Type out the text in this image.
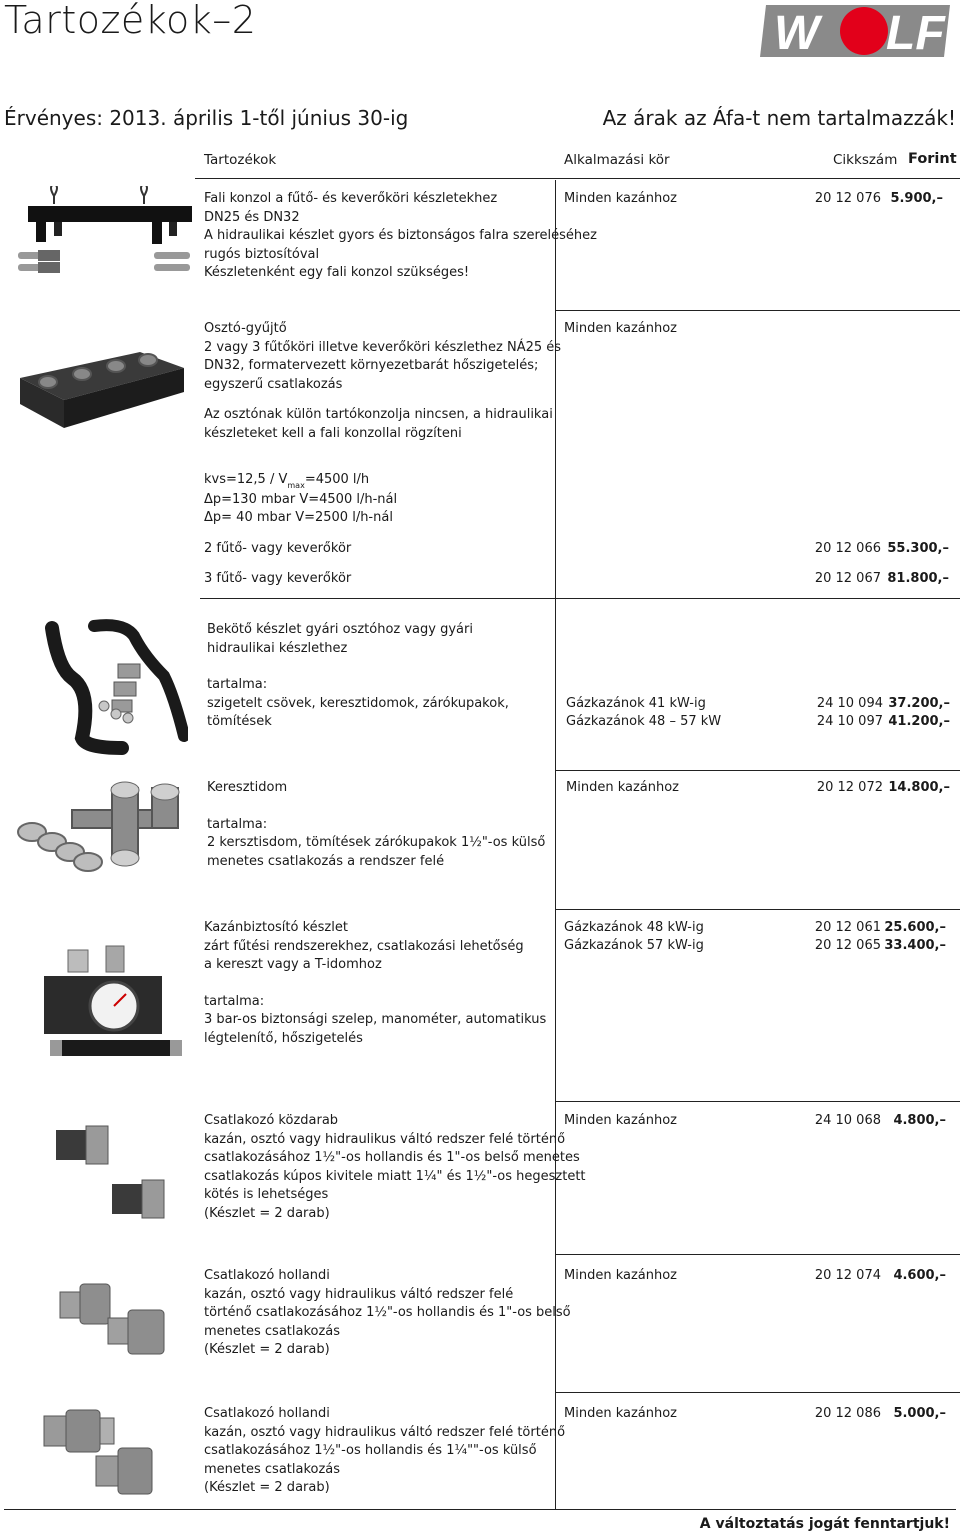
Tartozékok–2	W LF
Érvényes: 2013. április 1-től június 30-ig	Az árak az Áfa-t nem tartalmazzák!
Tartozékok	Alkalmazási kör	Cikkszám Forint
Fali konzol a fűtő- és keverőköri készletekhez
DN25 és DN32
A hidraulikai készlet gyors és biztonságos falra szereléséhez
rugós biztosítóval
Készletenként egy fali konzol szükséges!
Minden kazánhoz	20 12 076 5.900,–
Osztó-gyűjtő
2 vagy 3 fűtőköri illetve keverőköri készlethez NÁ25 és
DN32, formatervezett környezetbarát hőszigetelés;
egyszerű csatlakozás
Az osztónak külön tartókonzolja nincsen, a hidraulikai
készleteket kell a fali konzollal rögzíteni
$kvs=12,5 / V_{max}=4500$ l/h
Δp=130 mbar V=4500 l/h-nál
Δp= 40 mbar V=2500 l/h-nál
Minden kazánhoz
2 fűtő- vagy keverőkör	20 12 066 55.300,–
3 fűtő- vagy keverőkör	20 12 067 81.800,–
Bekötő készlet gyári osztóhoz vagy gyári
hidraulikai készlethez
tartalma:
szigetelt csövek, keresztidomok, zárókupakok,
tömítések
Gázkazánok 41 kW-ig	24 10 094 37.200,–
Gázkazánok 48 – 57 kW	24 10 097 41.200,–
Keresztidom
tartalma:
2 kersztisdom, tömítések zárókupakok 1½"-os külső
menetes csatlakozás a rendszer felé
Minden kazánhoz	20 12 072 14.800,–
Kazánbiztosító készlet
zárt fűtési rendszerekhez, csatlakozási lehetőség
a kereszt vagy a T-idomhoz
tartalma:
3 bar-os biztonsági szelep, manométer, automatikus
légtelenítő, hőszigetelés
Gázkazánok 48 kW-ig	20 12 061 25.600,–
Gázkazánok 57 kW-ig	20 12 065 33.400,–
Csatlakozó közdarab
kazán, osztó vagy hidraulikus váltó redszer felé történő
csatlakozásához 1½"-os hollandis és 1"-os belső menetes
csatlakozás kúpos kivitele miatt 1¼" és 1½"-os hegesztett
kötés is lehetséges
(Készlet = 2 darab)
Minden kazánhoz	24 10 068 4.800,–
Csatlakozó hollandi
kazán, osztó vagy hidraulikus váltó redszer felé
történő csatlakozásához 1½"-os hollandis és 1"-os belső
menetes csatlakozás
(Készlet = 2 darab)
Minden kazánhoz	20 12 074 4.600,–
Csatlakozó hollandi
kazán, osztó vagy hidraulikus váltó redszer felé történő
csatlakozásához 1½"-os hollandis és 1¼""-os külső
menetes csatlakozás
(Készlet = 2 darab)
Minden kazánhoz	20 12 086 5.000,–
A változtatás jogát fenntartjuk!
